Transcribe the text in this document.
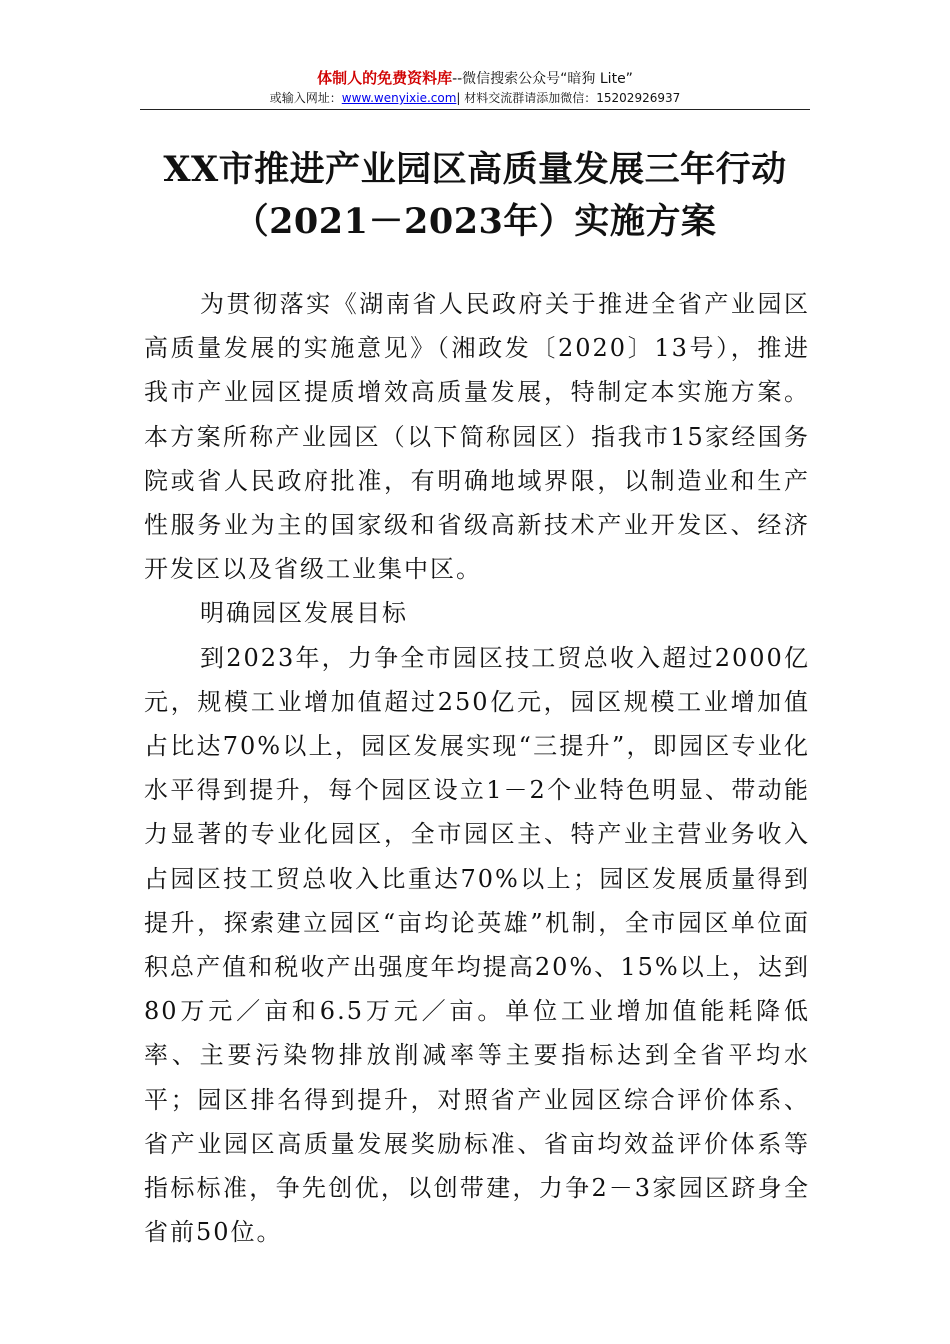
体制人的免费资料库--微信搜索公众号“暗狗 Lite”
或输入网址：www.wenyixie.com| 材料交流群请添加微信：15202926937
XX市推进产业园区高质量发展三年行动
（2021－2023年）实施方案

为贯彻落实《湖南省人民政府关于推进全省产业园区高质量发展的实施意见》（湘政发〔2020〕13号），推进我市产业园区提质增效高质量发展，特制定本实施方案。本方案所称产业园区（以下简称园区）指我市15家经国务院或省人民政府批准，有明确地域界限，以制造业和生产性服务业为主的国家级和省级高新技术产业开发区、经济开发区以及省级工业集中区。

明确园区发展目标

到2023年，力争全市园区技工贸总收入超过2000亿元，规模工业增加值超过250亿元，园区规模工业增加值占比达70%以上，园区发展实现“三提升”，即园区专业化水平得到提升，每个园区设立1－2个业特色明显、带动能力显著的专业化园区，全市园区主、特产业主营业务收入占园区技工贸总收入比重达70%以上；园区发展质量得到提升，探索建立园区“亩均论英雄”机制，全市园区单位面积总产值和税收产出强度年均提高20%、15%以上，达到80万元／亩和6.5万元／亩。单位工业增加值能耗降低率、主要污染物排放削减率等主要指标达到全省平均水平；园区排名得到提升，对照省产业园区综合评价体系、省产业园区高质量发展奖励标准、省亩均效益评价体系等指标标准，争先创优，以创带建，力争2－3家园区跻身全省前50位。
